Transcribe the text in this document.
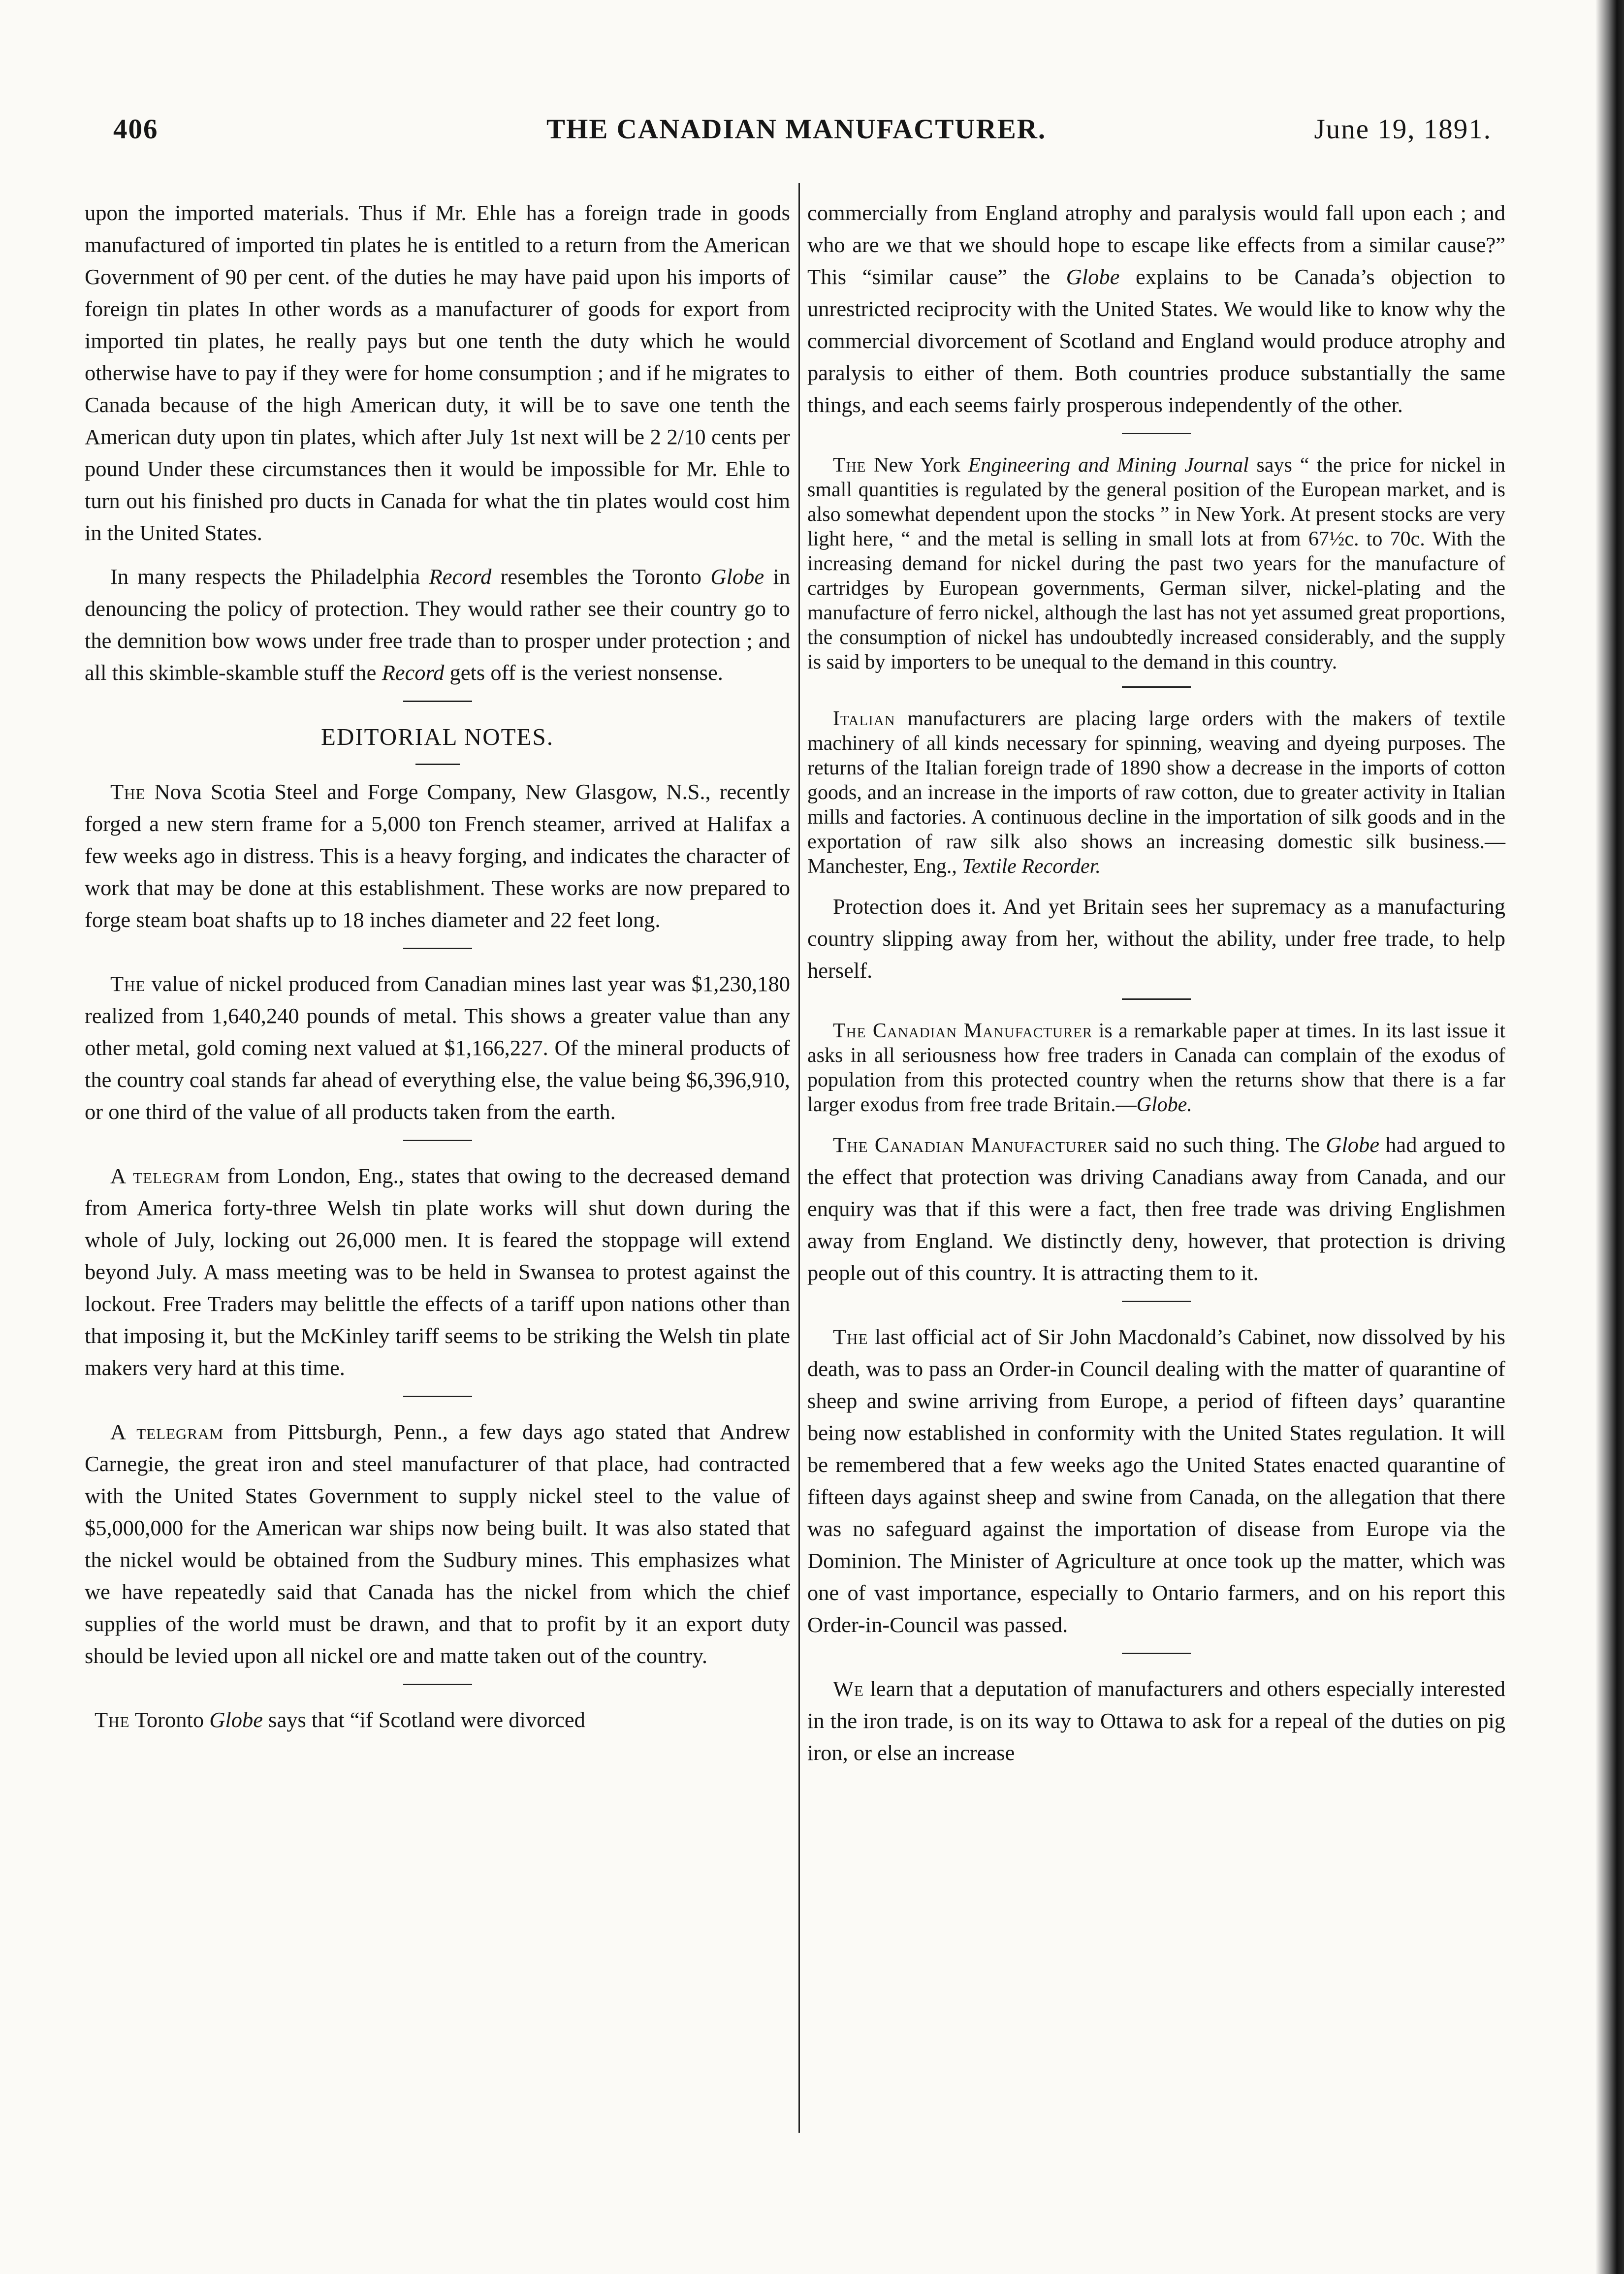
406	THE CANADIAN MANUFACTURER.	June 19, 1891.

upon the imported materials. Thus if Mr. Ehle has a foreign trade in goods manufactured of imported tin plates he is entitled to a return from the American Government of 90 per cent. of the duties he may have paid upon his imports of foreign tin plates In other words as a manufacturer of goods for export from imported tin plates, he really pays but one tenth the duty which he would otherwise have to pay if they were for home consumption ; and if he migrates to Canada because of the high American duty, it will be to save one tenth the American duty upon tin plates, which after July 1st next will be 2 2/10 cents per pound Under these circumstances then it would be impossible for Mr. Ehle to turn out his finished pro ducts in Canada for what the tin plates would cost him in the United States.

In many respects the Philadelphia Record resembles the Toronto Globe in denouncing the policy of protection. They would rather see their country go to the demnition bow wows under free trade than to prosper under protection ; and all this skimble-skamble stuff the Record gets off is the veriest nonsense.

EDITORIAL NOTES.

The Nova Scotia Steel and Forge Company, New Glasgow, N.S., recently forged a new stern frame for a 5,000 ton French steamer, arrived at Halifax a few weeks ago in distress. This is a heavy forging, and indicates the character of work that may be done at this establishment. These works are now prepared to forge steam boat shafts up to 18 inches diameter and 22 feet long.

The value of nickel produced from Canadian mines last year was $1,230,180 realized from 1,640,240 pounds of metal. This shows a greater value than any other metal, gold coming next valued at $1,166,227. Of the mineral products of the country coal stands far ahead of everything else, the value being $6,396,910, or one third of the value of all products taken from the earth.

A telegram from London, Eng., states that owing to the decreased demand from America forty-three Welsh tin plate works will shut down during the whole of July, locking out 26,000 men. It is feared the stoppage will extend beyond July. A mass meeting was to be held in Swansea to protest against the lockout. Free Traders may belittle the effects of a tariff upon nations other than that imposing it, but the McKinley tariff seems to be striking the Welsh tin plate makers very hard at this time.

A telegram from Pittsburgh, Penn., a few days ago stated that Andrew Carnegie, the great iron and steel manufacturer of that place, had contracted with the United States Government to supply nickel steel to the value of $5,000,000 for the American war ships now being built. It was also stated that the nickel would be obtained from the Sudbury mines. This emphasizes what we have repeatedly said that Canada has the nickel from which the chief supplies of the world must be drawn, and that to profit by it an export duty should be levied upon all nickel ore and matte taken out of the country.

The Toronto Globe says that “if Scotland were divorced

commercially from England atrophy and paralysis would fall upon each ; and who are we that we should hope to escape like effects from a similar cause?” This “similar cause” the Globe explains to be Canada’s objection to unrestricted reciprocity with the United States. We would like to know why the commercial divorcement of Scotland and England would produce atrophy and paralysis to either of them. Both countries produce substantially the same things, and each seems fairly prosperous independently of the other.

The New York Engineering and Mining Journal says “ the price for nickel in small quantities is regulated by the general position of the European market, and is also somewhat dependent upon the stocks ” in New York. At present stocks are very light here, “ and the metal is selling in small lots at from 67½c. to 70c. With the increasing demand for nickel during the past two years for the manufacture of cartridges by European governments, German silver, nickel-plating and the manufacture of ferro nickel, although the last has not yet assumed great proportions, the consumption of nickel has undoubtedly increased considerably, and the supply is said by importers to be unequal to the demand in this country.

Italian manufacturers are placing large orders with the makers of textile machinery of all kinds necessary for spinning, weaving and dyeing purposes. The returns of the Italian foreign trade of 1890 show a decrease in the imports of cotton goods, and an increase in the imports of raw cotton, due to greater activity in Italian mills and factories. A continuous decline in the importation of silk goods and in the exportation of raw silk also shows an increasing domestic silk business.— Manchester, Eng., Textile Recorder.

Protection does it. And yet Britain sees her supremacy as a manufacturing country slipping away from her, without the ability, under free trade, to help herself.

The Canadian Manufacturer is a remarkable paper at times. In its last issue it asks in all seriousness how free traders in Canada can complain of the exodus of population from this protected country when the returns show that there is a far larger exodus from free trade Britain.—Globe.

The Canadian Manufacturer said no such thing. The Globe had argued to the effect that protection was driving Canadians away from Canada, and our enquiry was that if this were a fact, then free trade was driving Englishmen away from England. We distinctly deny, however, that protection is driving people out of this country. It is attracting them to it.

The last official act of Sir John Macdonald’s Cabinet, now dissolved by his death, was to pass an Order-in Council dealing with the matter of quarantine of sheep and swine arriving from Europe, a period of fifteen days’ quarantine being now established in conformity with the United States regulation. It will be remembered that a few weeks ago the United States enacted quarantine of fifteen days against sheep and swine from Canada, on the allegation that there was no safeguard against the importation of disease from Europe via the Dominion. The Minister of Agriculture at once took up the matter, which was one of vast importance, especially to Ontario farmers, and on his report this Order-in-Council was passed.

We learn that a deputation of manufacturers and others especially interested in the iron trade, is on its way to Ottawa to ask for a repeal of the duties on pig iron, or else an increase
